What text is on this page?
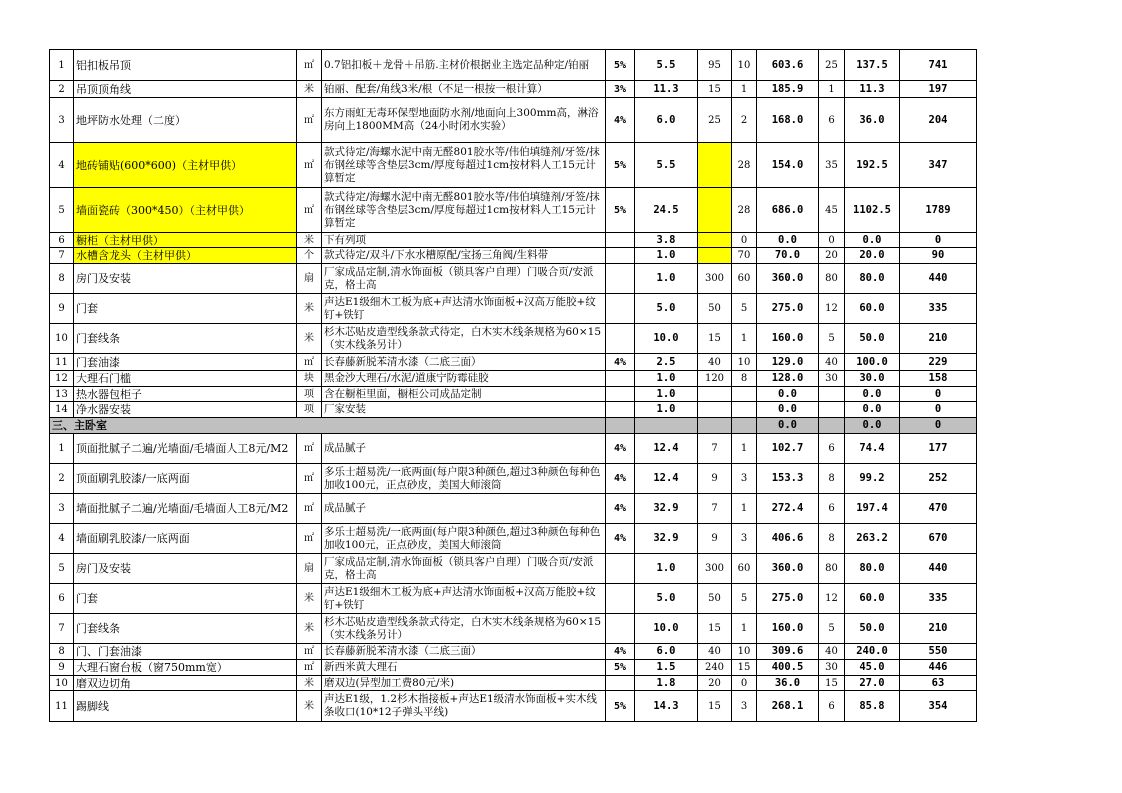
1	铝扣板吊顶	㎡	0.7铝扣板＋龙骨＋吊筋.主材价根据业主选定品种定/铂丽	5%	5.5	95	10	603.6	25	137.5	741
2	吊顶顶角线	米	铂丽、配套/角线3米/根（不足一根按一根计算）	3%	11.3	15	1	185.9	1	11.3	197
3	地坪防水处理（二度）	㎡	东方雨虹无毒环保型地面防水剂/地面向上300mm高，淋浴房向上1800MM高（24小时闭水实验）	4%	6.0	25	2	168.0	6	36.0	204
4	地砖铺贴(600*600)（主材甲供）	㎡	款式待定/海螺水泥中南无醛801胶水等/伟伯填缝剂/牙签/抹布钢丝球等含垫层3cm/厚度每超过1cm按材料人工15元计算暂定	5%	5.5		28	154.0	35	192.5	347
5	墙面瓷砖（300*450）（主材甲供）	㎡	款式待定/海螺水泥中南无醛801胶水等/伟伯填缝剂/牙签/抹布钢丝球等含垫层3cm/厚度每超过1cm按材料人工15元计算暂定	5%	24.5		28	686.0	45	1102.5	1789
6	橱柜（主材甲供）	米	下有列项		3.8		0	0.0	0	0.0	0
7	水槽含龙头（主材甲供）	个	款式待定/双斗/下水水槽原配/宝扬三角阀/生料带		1.0		70	70.0	20	20.0	90
8	房门及安装	扇	厂家成品定制,清水饰面板（锁具客户自理）门吸合页/安派克，格士高		1.0	300	60	360.0	80	80.0	440
9	门套	米	声达E1级细木工板为底+声达清水饰面板+汉高万能胶+纹钉+铁钉		5.0	50	5	275.0	12	60.0	335
10	门套线条	米	杉木芯贴皮造型线条款式待定，白木实木线条规格为60×15（实木线条另计）		10.0	15	1	160.0	5	50.0	210
11	门套油漆	㎡	长春藤新脱苯清水漆（二底三面）	4%	2.5	40	10	129.0	40	100.0	229
12	大理石门槛	块	黑金沙大理石/水泥/道康宁防霉硅胶		1.0	120	8	128.0	30	30.0	158
13	热水器包柜子	项	含在橱柜里面，橱柜公司成品定制		1.0			0.0		0.0	0
14	净水器安装	项	厂家安装		1.0			0.0		0.0	0
三、主卧室								0.0		0.0	0
1	顶面批腻子二遍/光墙面/毛墙面人工8元/M2	㎡	成品腻子	4%	12.4	7	1	102.7	6	74.4	177
2	顶面刷乳胶漆/一底两面	㎡	多乐士超易洗/一底两面(每户限3种颜色,超过3种颜色每种色加收100元，正点砂皮，美国大师滚筒	4%	12.4	9	3	153.3	8	99.2	252
3	墙面批腻子二遍/光墙面/毛墙面人工8元/M2	㎡	成品腻子	4%	32.9	7	1	272.4	6	197.4	470
4	墙面刷乳胶漆/一底两面	㎡	多乐士超易洗/一底两面(每户限3种颜色,超过3种颜色每种色加收100元，正点砂皮，美国大师滚筒	4%	32.9	9	3	406.6	8	263.2	670
5	房门及安装	扇	厂家成品定制,清水饰面板（锁具客户自理）门吸合页/安派克，格士高		1.0	300	60	360.0	80	80.0	440
6	门套	米	声达E1级细木工板为底+声达清水饰面板+汉高万能胶+纹钉+铁钉		5.0	50	5	275.0	12	60.0	335
7	门套线条	米	杉木芯贴皮造型线条款式待定，白木实木线条规格为60×15（实木线条另计）		10.0	15	1	160.0	5	50.0	210
8	门、门套油漆	㎡	长春藤新脱苯清水漆（二底三面）	4%	6.0	40	10	309.6	40	240.0	550
9	大理石窗台板（窗750mm宽）	㎡	新西米黄大理石	5%	1.5	240	15	400.5	30	45.0	446
10	磨双边切角	米	磨双边(异型加工费80元/米)		1.8	20	0	36.0	15	27.0	63
11	踢脚线	米	声达E1级，1.2杉木指接板+声达E1级清水饰面板+实木线条收口(10*12子弹头平线)	5%	14.3	15	3	268.1	6	85.8	354
